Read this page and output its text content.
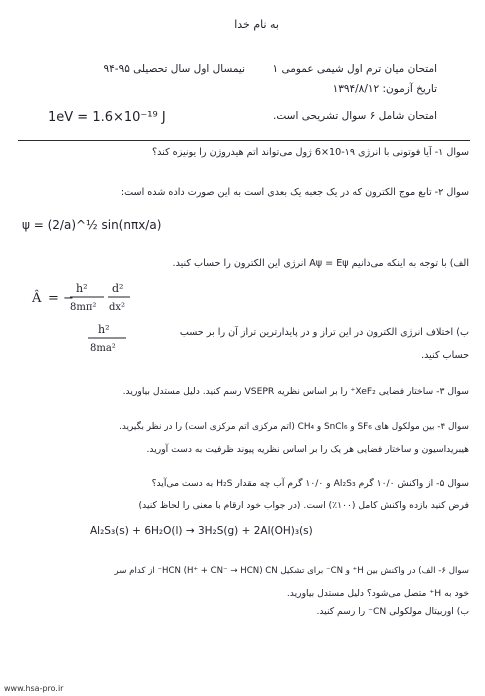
به نام خدا
امتحان میان ترم اول شیمی عمومی ۱
نیمسال اول سال تحصیلی ۹۵-۹۴
تاریخ آزمون: ۱۳۹۴/۸/۱۲
امتحان شامل ۶ سوال تشریحی است.
1eV = 1.6×10⁻¹⁹ J
سوال ۱- آیا فوتونی با انرژی ۱۹-10×6 ژول می‌تواند اتم هیدروژن را یونیزه کند؟
سوال ۲- تابع موج الکترون که در یک جعبه یک بعدی است به این صورت داده شده است:
ψ = (2/a)^½ sin(nπx/a)
الف) با توجه به اینکه می‌دانیم Aψ = Eψ انرژی این الکترون را حساب کنید.
Â = −
h²
8mπ²
d²
dx²
h²
8ma²
ب) اختلاف انرژی الکترون در این تراز و در پایدارترین تراز آن را بر حسب
حساب کنید.
سوال ۳- ساختار فضایی XeF₂⁺ را بر اساس نظریه VSEPR رسم کنید. دلیل مستدل بیاورید.
سوال ۴- بین مولکول های SF₆ و SnCl₆ و CH₄ (اتم مرکزی اتم مرکزی است) را در نظر بگیرید.
هیبریداسیون و ساختار فضایی هر یک را بر اساس نظریه پیوند ظرفیت به دست آورید.
سوال ۵- از واکنش ۱۰/۰ گرم Al₂S₃ و ۱۰/۰ گرم آب چه مقدار H₂S به دست می‌آید؟
فرض کنید بازده واکنش کامل (۱۰۰٪) است. (در جواب خود ارقام با معنی را لحاظ کنید)
Al₂S₃(s) + 6H₂O(l) → 3H₂S(g) + 2Al(OH)₃(s)
سوال ۶- الف) در واکنش بین H⁺ و CN⁻ برای تشکیل HCN (H⁺ + CN⁻ → HCN) CN⁻ از کدام سر
خود به H⁺ متصل می‌شود؟ دلیل مستدل بیاورید.
ب) اوربیتال مولکولی CN⁻ را رسم کنید.
www.hsa-pro.ir
